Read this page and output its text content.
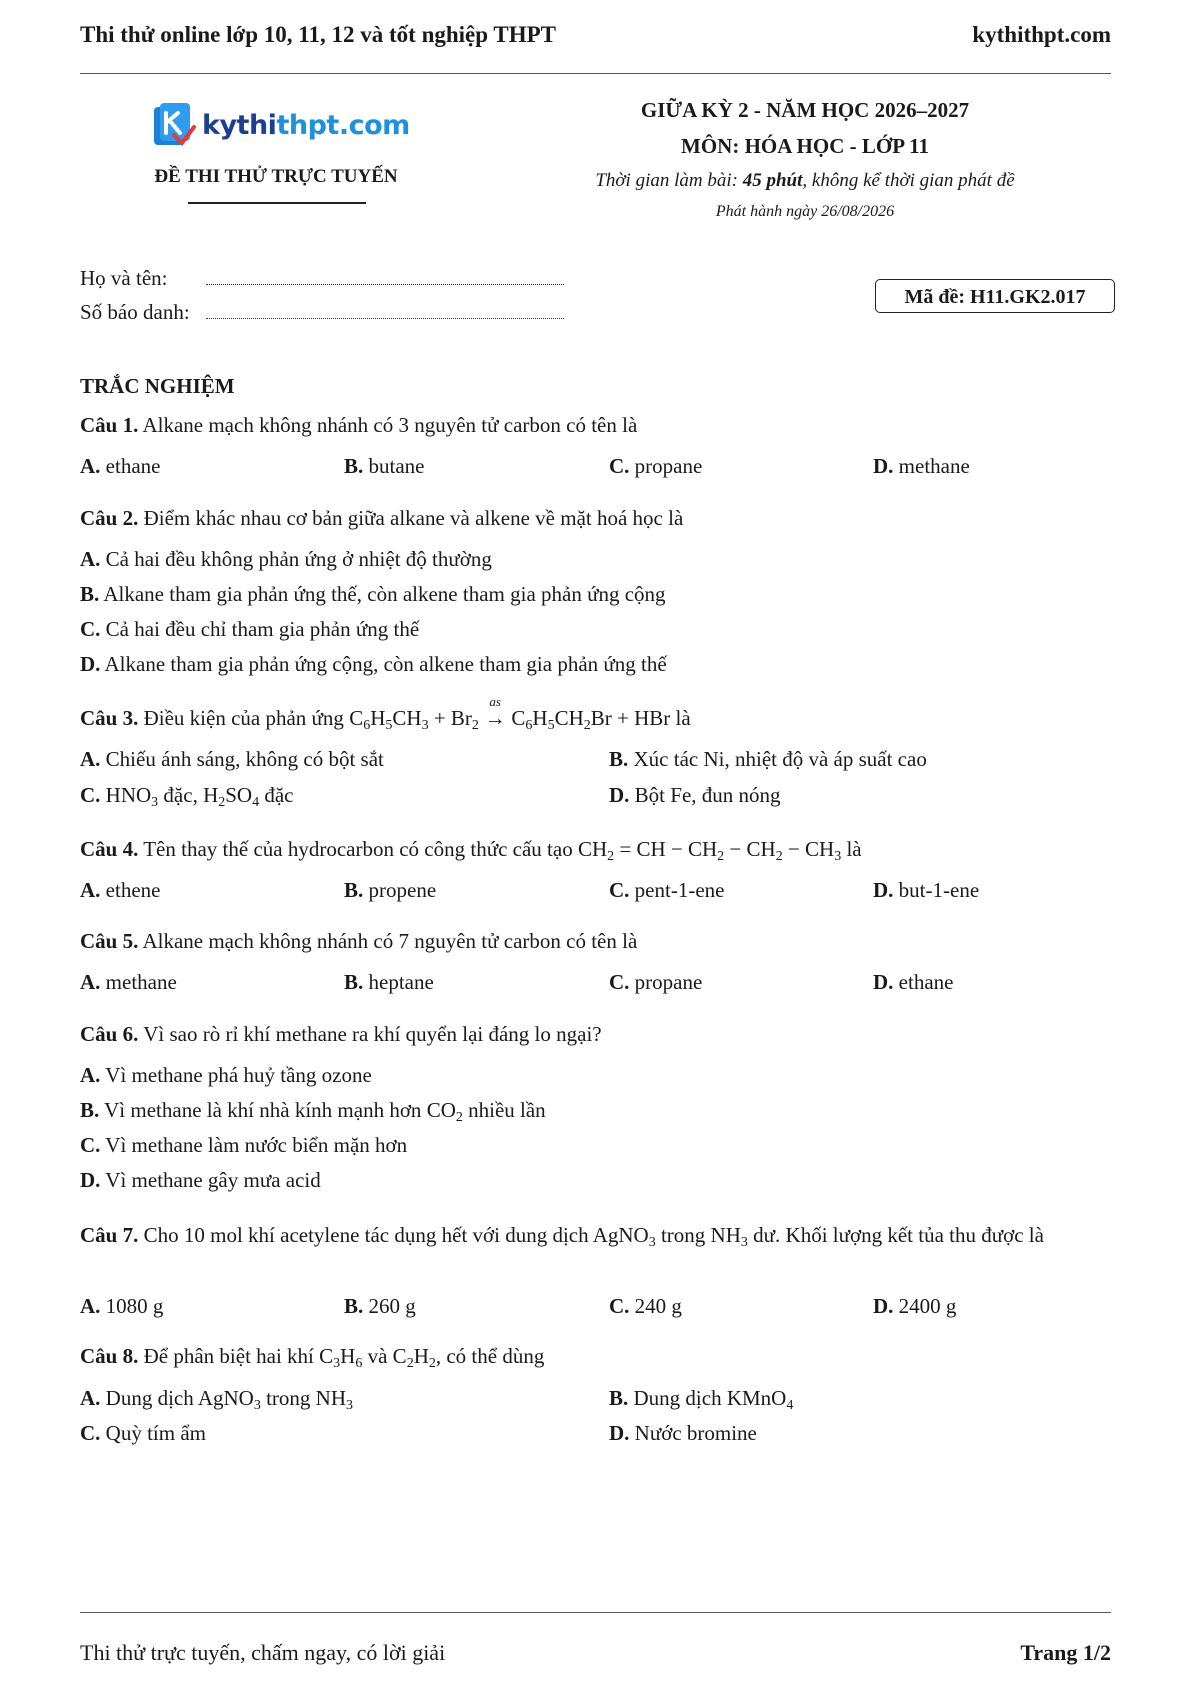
Thi thử online lớp 10, 11, 12 và tốt nghiệp THPT	kythithpt.com
kythithpt.com
ĐỀ THI THỬ TRỰC TUYẾN
GIỮA KỲ 2 - NĂM HỌC 2026–2027
MÔN: HÓA HỌC - LỚP 11
Thời gian làm bài: 45 phút, không kể thời gian phát đề
Phát hành ngày 26/08/2026
Họ và tên:
Số báo danh:
Mã đề: H11.GK2.017
TRẮC NGHIỆM
Câu 1. Alkane mạch không nhánh có 3 nguyên tử carbon có tên là
A. ethane	B. butane	C. propane	D. methane
Câu 2. Điểm khác nhau cơ bản giữa alkane và alkene về mặt hoá học là
A. Cả hai đều không phản ứng ở nhiệt độ thường
B. Alkane tham gia phản ứng thế, còn alkene tham gia phản ứng cộng
C. Cả hai đều chỉ tham gia phản ứng thế
D. Alkane tham gia phản ứng cộng, còn alkene tham gia phản ứng thế
Câu 3. Điều kiện của phản ứng $C_6H_5CH_3 + Br_2$
as
→ $C_6H_5CH_2Br$ + HBr là
A. Chiếu ánh sáng, không có bột sắt	B. Xúc tác Ni, nhiệt độ và áp suất cao
C. $HNO_3$ đặc, $H_2SO_4$ đặc	D. Bột Fe, đun nóng
Câu 4. Tên thay thế của hydrocarbon có công thức cấu tạo $CH_2$ = CH − $CH_2 - CH_2 - CH_3$ là
A. ethene	B. propene	C. pent-1-ene	D. but-1-ene
Câu 5. Alkane mạch không nhánh có 7 nguyên tử carbon có tên là
A. methane	B. heptane	C. propane	D. ethane
Câu 6. Vì sao rò rỉ khí methane ra khí quyển lại đáng lo ngại?
A. Vì methane phá huỷ tầng ozone
B. Vì methane là khí nhà kính mạnh hơn $CO_2$ nhiều lần
C. Vì methane làm nước biển mặn hơn
D. Vì methane gây mưa acid
Câu 7. Cho 10 mol khí acetylene tác dụng hết với dung dịch AgNO$_3$ trong $NH_3$ dư. Khối lượng kết tủa thu được là
A. 1080 g	B. 260 g	C. 240 g	D. 2400 g
Câu 8. Để phân biệt hai khí $C_3H_6$ và $C_2H_2$, có thể dùng
A. Dung dịch AgNO$_3$ trong $NH_3$	B. Dung dịch KMnO$_4$
C. Quỳ tím ẩm	D. Nước bromine
Thi thử trực tuyến, chấm ngay, có lời giải	Trang 1/2
